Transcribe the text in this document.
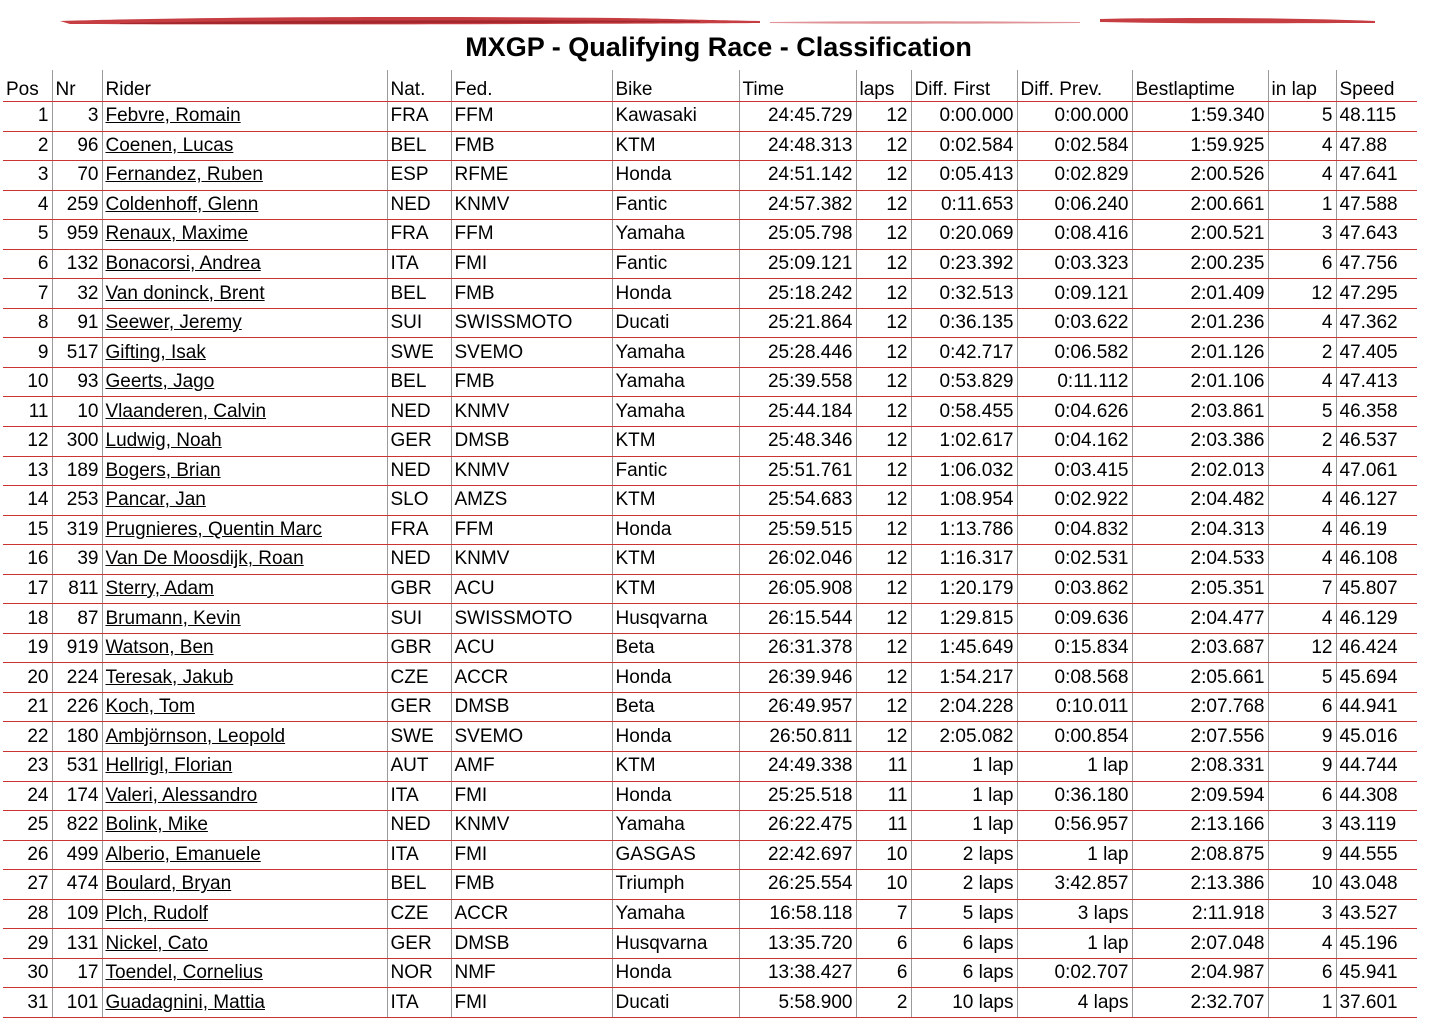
MXGP - Qualifying Race - Classification
Pos	Nr	Rider	Nat.	Fed.	Bike	Time	laps	Diff. First	Diff. Prev.	Bestlaptime	in lap	Speed
1	3	Febvre, Romain	FRA	FFM	Kawasaki	24:45.729	12	0:00.000	0:00.000	1:59.340	5	48.115
2	96	Coenen, Lucas	BEL	FMB	KTM	24:48.313	12	0:02.584	0:02.584	1:59.925	4	47.88
3	70	Fernandez, Ruben	ESP	RFME	Honda	24:51.142	12	0:05.413	0:02.829	2:00.526	4	47.641
4	259	Coldenhoff, Glenn	NED	KNMV	Fantic	24:57.382	12	0:11.653	0:06.240	2:00.661	1	47.588
5	959	Renaux, Maxime	FRA	FFM	Yamaha	25:05.798	12	0:20.069	0:08.416	2:00.521	3	47.643
6	132	Bonacorsi, Andrea	ITA	FMI	Fantic	25:09.121	12	0:23.392	0:03.323	2:00.235	6	47.756
7	32	Van doninck, Brent	BEL	FMB	Honda	25:18.242	12	0:32.513	0:09.121	2:01.409	12	47.295
8	91	Seewer, Jeremy	SUI	SWISSMOTO	Ducati	25:21.864	12	0:36.135	0:03.622	2:01.236	4	47.362
9	517	Gifting, Isak	SWE	SVEMO	Yamaha	25:28.446	12	0:42.717	0:06.582	2:01.126	2	47.405
10	93	Geerts, Jago	BEL	FMB	Yamaha	25:39.558	12	0:53.829	0:11.112	2:01.106	4	47.413
11	10	Vlaanderen, Calvin	NED	KNMV	Yamaha	25:44.184	12	0:58.455	0:04.626	2:03.861	5	46.358
12	300	Ludwig, Noah	GER	DMSB	KTM	25:48.346	12	1:02.617	0:04.162	2:03.386	2	46.537
13	189	Bogers, Brian	NED	KNMV	Fantic	25:51.761	12	1:06.032	0:03.415	2:02.013	4	47.061
14	253	Pancar, Jan	SLO	AMZS	KTM	25:54.683	12	1:08.954	0:02.922	2:04.482	4	46.127
15	319	Prugnieres, Quentin Marc	FRA	FFM	Honda	25:59.515	12	1:13.786	0:04.832	2:04.313	4	46.19
16	39	Van De Moosdijk, Roan	NED	KNMV	KTM	26:02.046	12	1:16.317	0:02.531	2:04.533	4	46.108
17	811	Sterry, Adam	GBR	ACU	KTM	26:05.908	12	1:20.179	0:03.862	2:05.351	7	45.807
18	87	Brumann, Kevin	SUI	SWISSMOTO	Husqvarna	26:15.544	12	1:29.815	0:09.636	2:04.477	4	46.129
19	919	Watson, Ben	GBR	ACU	Beta	26:31.378	12	1:45.649	0:15.834	2:03.687	12	46.424
20	224	Teresak, Jakub	CZE	ACCR	Honda	26:39.946	12	1:54.217	0:08.568	2:05.661	5	45.694
21	226	Koch, Tom	GER	DMSB	Beta	26:49.957	12	2:04.228	0:10.011	2:07.768	6	44.941
22	180	Ambjörnson, Leopold	SWE	SVEMO	Honda	26:50.811	12	2:05.082	0:00.854	2:07.556	9	45.016
23	531	Hellrigl, Florian	AUT	AMF	KTM	24:49.338	11	1 lap	1 lap	2:08.331	9	44.744
24	174	Valeri, Alessandro	ITA	FMI	Honda	25:25.518	11	1 lap	0:36.180	2:09.594	6	44.308
25	822	Bolink, Mike	NED	KNMV	Yamaha	26:22.475	11	1 lap	0:56.957	2:13.166	3	43.119
26	499	Alberio, Emanuele	ITA	FMI	GASGAS	22:42.697	10	2 laps	1 lap	2:08.875	9	44.555
27	474	Boulard, Bryan	BEL	FMB	Triumph	26:25.554	10	2 laps	3:42.857	2:13.386	10	43.048
28	109	Plch, Rudolf	CZE	ACCR	Yamaha	16:58.118	7	5 laps	3 laps	2:11.918	3	43.527
29	131	Nickel, Cato	GER	DMSB	Husqvarna	13:35.720	6	6 laps	1 lap	2:07.048	4	45.196
30	17	Toendel, Cornelius	NOR	NMF	Honda	13:38.427	6	6 laps	0:02.707	2:04.987	6	45.941
31	101	Guadagnini, Mattia	ITA	FMI	Ducati	5:58.900	2	10 laps	4 laps	2:32.707	1	37.601
